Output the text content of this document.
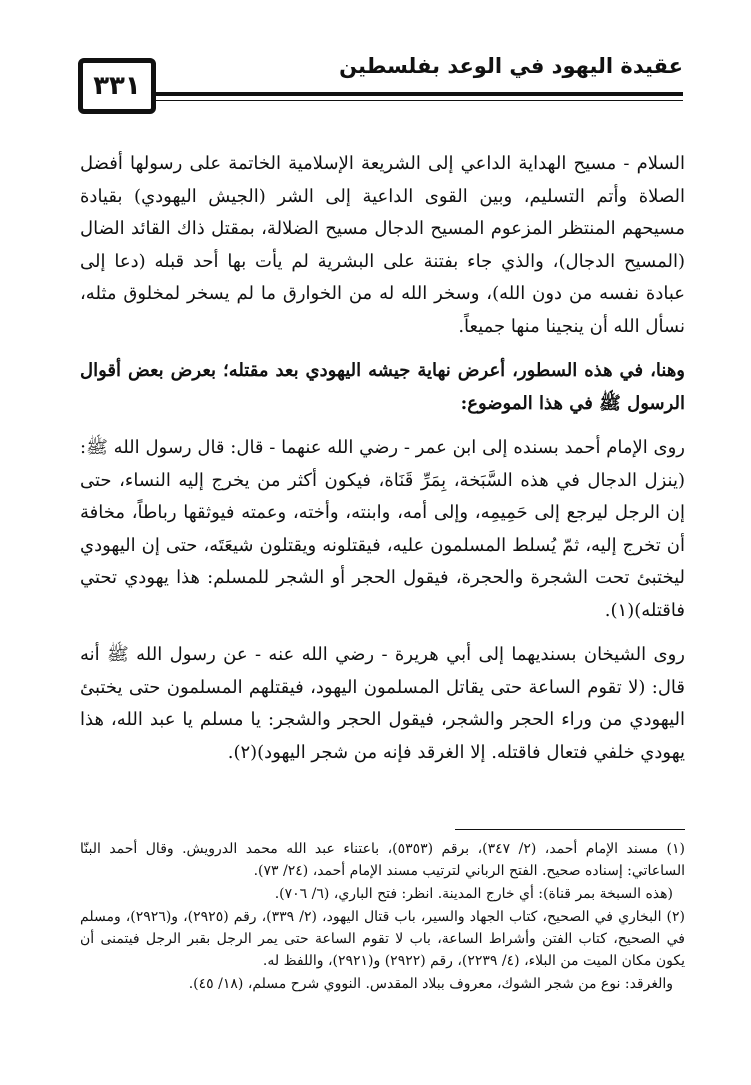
٣٣١
عقيدة اليهود في الوعد بفلسطين

السلام - مسيح الهداية الداعي إلى الشريعة الإسلامية الخاتمة على رسولها أفضل الصلاة وأتم التسليم، وبين القوى الداعية إلى الشر (الجيش اليهودي) بقيادة مسيحهم المنتظر المزعوم المسيح الدجال مسيح الضلالة، بمقتل ذاك القائد الضال (المسيح الدجال)، والذي جاء بفتنة على البشرية لم يأت بها أحد قبله (دعا إلى عبادة نفسه من دون الله)، وسخر الله له من الخوارق ما لم يسخر لمخلوق مثله، نسأل الله أن ينجينا منها جميعاً.

وهنا، في هذه السطور، أعرض نهاية جيشه اليهودي بعد مقتله؛ بعرض بعض أقوال الرسول ﷺ في هذا الموضوع:

روى الإمام أحمد بسنده إلى ابن عمر - رضي الله عنهما - قال: قال رسول الله ﷺ: (ينزل الدجال في هذه السَّبَخة، بِمَرِّ قَنَاة، فيكون أكثر من يخرج إليه النساء، حتى إن الرجل ليرجع إلى حَمِيمِه، وإلى أمه، وابنته، وأخته، وعمته فيوثقها رباطاً، مخافة أن تخرج إليه، ثمّ يُسلط المسلمون عليه، فيقتلونه ويقتلون شيعَتَه، حتى إن اليهودي ليختبئ تحت الشجرة والحجرة، فيقول الحجر أو الشجر للمسلم: هذا يهودي تحتي فاقتله)(١).

روى الشيخان بسنديهما إلى أبي هريرة - رضي الله عنه - عن رسول الله ﷺ أنه قال: (لا تقوم الساعة حتى يقاتل المسلمون اليهود، فيقتلهم المسلمون حتى يختبئ اليهودي من وراء الحجر والشجر، فيقول الحجر والشجر: يا مسلم يا عبد الله، هذا يهودي خلفي فتعال فاقتله. إلا الغرقد فإنه من شجر اليهود)(٢).

(١) مسند الإمام أحمد، (٢/ ٣٤٧)، برقم (٥٣٥٣)، باعتناء عبد الله محمد الدرويش. وقال أحمد البنّا الساعاتي: إسناده صحيح. الفتح الرباني لترتيب مسند الإمام أحمد، (٢٤/ ٧٣).
(هذه السبخة بمر قناة): أي خارج المدينة. انظر: فتح الباري، (٦/ ٧٠٦).
(٢) البخاري في الصحيح، كتاب الجهاد والسير، باب قتال اليهود، (٢/ ٣٣٩)، رقم (٢٩٢٥)، و(٢٩٢٦)، ومسلم في الصحيح، كتاب الفتن وأشراط الساعة، باب لا تقوم الساعة حتى يمر الرجل بقبر الرجل فيتمنى أن يكون مكان الميت من البلاء، (٤/ ٢٢٣٩)، رقم (٢٩٢٢) و(٢٩٢١)، واللفظ له.
والغرقد: نوع من شجر الشوك، معروف ببلاد المقدس. النووي شرح مسلم، (١٨/ ٤٥).
